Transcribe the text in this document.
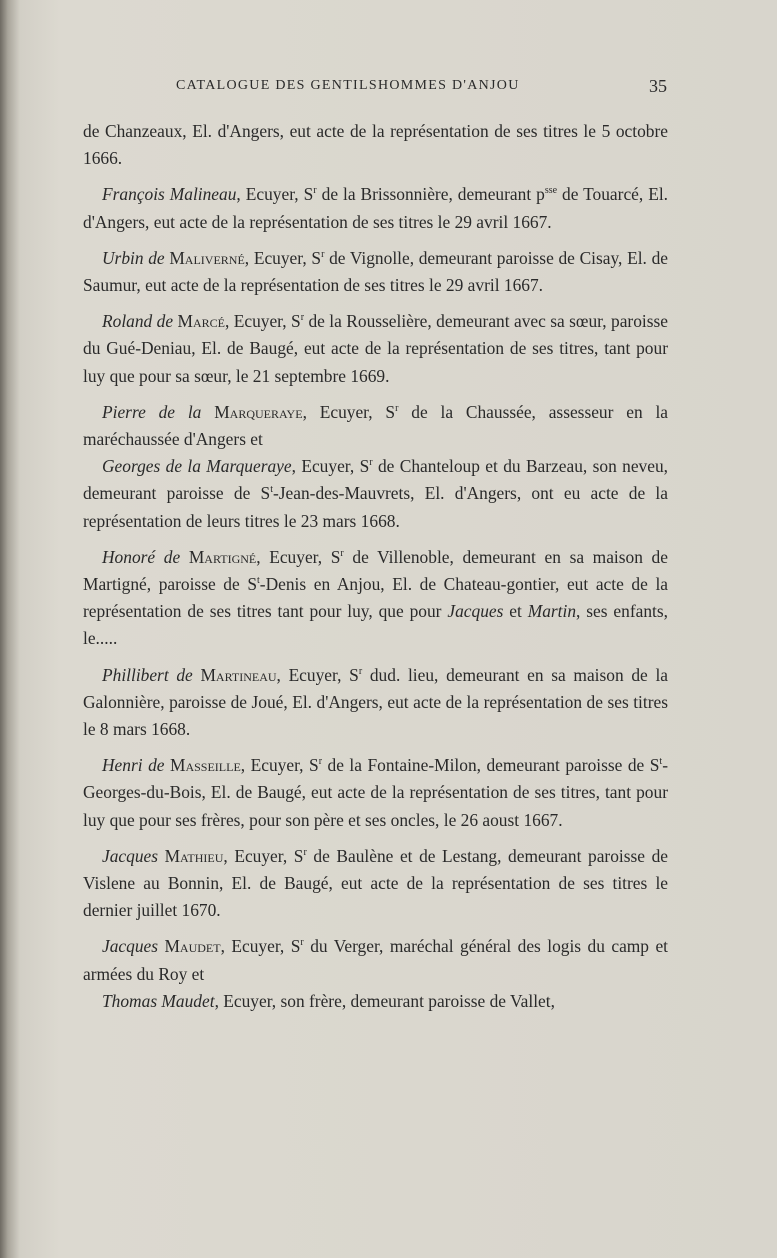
CATALOGUE DES GENTILSHOMMES D'ANJOU	35

de Chanzeaux, El. d'Angers, eut acte de la représentation de ses titres le 5 octobre 1666.

François Malineau, Ecuyer, $S^r$ de la Brissonnière, demeurant $p^{sse}$ de Touarcé, El. d'Angers, eut acte de la représentation de ses titres le 29 avril 1667.

Urbin de Maliverné, Ecuyer, $S^r$ de Vignolle, demeurant paroisse de Cisay, El. de Saumur, eut acte de la représentation de ses titres le 29 avril 1667.

Roland de Marcé, Ecuyer, $S^r$ de la Rousselière, demeurant avec sa sœur, paroisse du Gué-Deniau, El. de Baugé, eut acte de la représentation de ses titres, tant pour luy que pour sa sœur, le 21 septembre 1669.

Pierre de la Marqueraye, Ecuyer, $S^r$ de la Chaussée, assesseur en la maréchaussée d'Angers et

Georges de la Marqueraye, Ecuyer, $S^r$ de Chanteloup et du Barzeau, son neveu, demeurant paroisse de $S^t-Jean-des$-Mauvrets, El. d'Angers, ont eu acte de la représentation de leurs titres le 23 mars 1668.

Honoré de Martigné, Ecuyer, $S^r$ de Villenoble, demeurant en sa maison de Martigné, paroisse de $S^t$-Denis en Anjou, El. de Chateau-gontier, eut acte de la représentation de ses titres tant pour luy, que pour Jacques et Martin, ses enfants, le.....

Phillibert de Martineau, Ecuyer, $S^r$ dud. lieu, demeurant en sa maison de la Galonnière, paroisse de Joué, El. d'Angers, eut acte de la représentation de ses titres le 8 mars 1668.

Henri de Masseille, Ecuyer, $S^r$ de la Fontaine-Milon, demeurant paroisse de $S^t-Georges-du$-Bois, El. de Baugé, eut acte de la représentation de ses titres, tant pour luy que pour ses frères, pour son père et ses oncles, le 26 aoust 1667.

Jacques Mathieu, Ecuyer, $S^r$ de Baulène et de Lestang, demeurant paroisse de Vislene au Bonnin, El. de Baugé, eut acte de la représentation de ses titres le dernier juillet 1670.

Jacques Maudet, Ecuyer, $S^r$ du Verger, maréchal général des logis du camp et armées du Roy et

Thomas Maudet, Ecuyer, son frère, demeurant paroisse de Vallet,
